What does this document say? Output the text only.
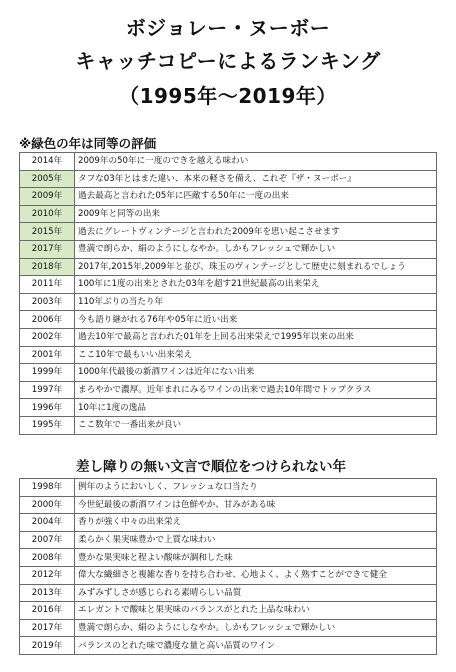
ボジョレー・ヌーボー
キャッチコピーによるランキング
（1995年〜2019年）
※緑色の年は同等の評価
2014年	2009年の50年に一度のできを越える味わい
2005年	タフな03年とはまた違い、本来の軽さを備え、これぞ『ザ・ヌーボー』
2009年	過去最高と言われた05年に匹敵する50年に一度の出来
2010年	2009年と同等の出来
2015年	過去にグレートヴィンテージと言われた2009年を思い起こさせます
2017年	豊満で朗らか、絹のようにしなやか。しかもフレッシュで輝かしい
2018年	2017年,2015年,2009年と並び、珠玉のヴィンテージとして歴史に刻まれるでしょう
2011年	100年に1度の出来とされた03年を超す21世紀最高の出来栄え
2003年	110年ぶりの当たり年
2006年	今も語り継がれる76年や05年に近い出来
2002年	過去10年で最高と言われた01年を上回る出来栄えで1995年以来の出来
2001年	ここ10年で最もいい出来栄え
1999年	1000年代最後の新酒ワインは近年にない出来
1997年	まろやかで濃厚。近年まれにみるワインの出来で過去10年間でトップクラス
1996年	10年に1度の逸品
1995年	ここ数年で一番出来が良い
差し障りの無い文言で順位をつけられない年
1998年	例年のようにおいしく、フレッシュな口当たり
2000年	今世紀最後の新酒ワインは色鮮やか、甘みがある味
2004年	香りが強く中々の出来栄え
2007年	柔らかく果実味豊かで上質な味わい
2008年	豊かな果実味と程よい酸味が調和した味
2012年	偉大な繊細さと複雑な香りを持ち合わせ、心地よく、よく熟すことができて健全
2013年	みずみずしさが感じられる素晴らしい品質
2016年	エレガントで酸味と果実味のバランスがとれた上品な味わい
2017年	豊満で朗らか、絹のようにしなやか。しかもフレッシュで輝かしい
2019年	バランスのとれた味で濃度な量と高い品質のワイン
